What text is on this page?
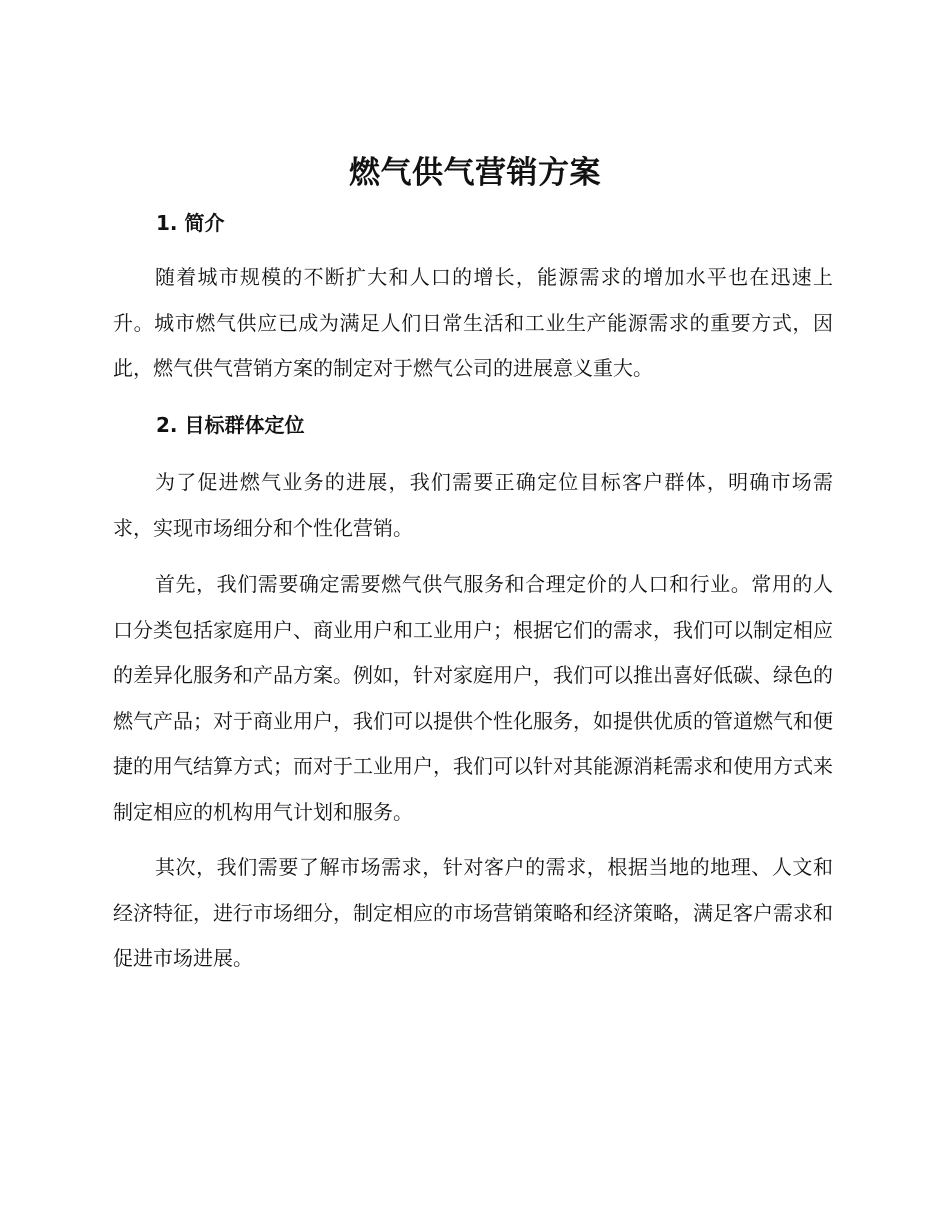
燃气供气营销方案
1. 简介
随着城市规模的不断扩大和人口的增长，能源需求的增加水平也在迅速上升。城市燃气供应已成为满足人们日常生活和工业生产能源需求的重要方式，因此，燃气供气营销方案的制定对于燃气公司的进展意义重大。
2. 目标群体定位
为了促进燃气业务的进展，我们需要正确定位目标客户群体，明确市场需求，实现市场细分和个性化营销。
首先，我们需要确定需要燃气供气服务和合理定价的人口和行业。常用的人口分类包括家庭用户、商业用户和工业用户；根据它们的需求，我们可以制定相应的差异化服务和产品方案。例如，针对家庭用户，我们可以推出喜好低碳、绿色的燃气产品；对于商业用户，我们可以提供个性化服务，如提供优质的管道燃气和便捷的用气结算方式；而对于工业用户，我们可以针对其能源消耗需求和使用方式来制定相应的机构用气计划和服务。
其次，我们需要了解市场需求，针对客户的需求，根据当地的地理、人文和经济特征，进行市场细分，制定相应的市场营销策略和经济策略，满足客户需求和促进市场进展。
